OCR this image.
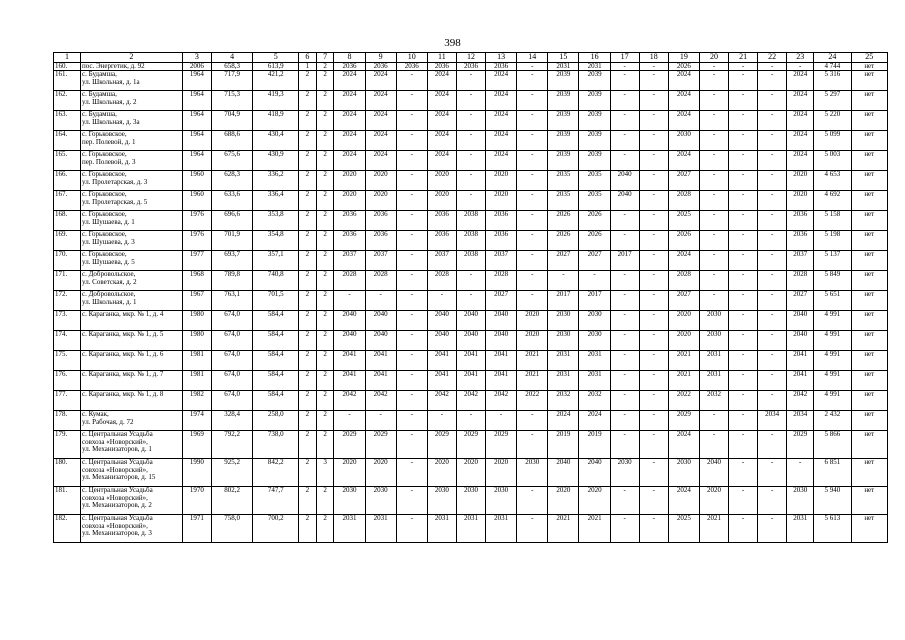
398
1	2	3	4	5	6	7	8	9	10	11	12	13	14	15	16	17	18	19	20	21	22	23	24	25
160.	пос. Энергетик, д. 92	2006	658,3	613,9	1	2	2036	2036	2036	2036	2036	2036	-	2031	2031	-	-	2026	-	-	-	-	4 744	нет
161.	с. Будамша,
ул. Школьная, д. 1а	1964	717,9	421,2	2	2	2024	2024	-	2024	-	2024	-	2039	2039	-	-	2024	-	-	-	2024	5 316	нет
162.	с. Будамша,
ул. Школьная, д. 2	1964	715,3	419,3	2	2	2024	2024	-	2024	-	2024	-	2039	2039	-	-	2024	-	-	-	2024	5 297	нет
163.	с. Будамша,
ул. Школьная, д. 3а	1964	704,9	418,9	2	2	2024	2024	-	2024	-	2024	-	2039	2039	-	-	2024	-	-	-	2024	5 220	нет
164.	с. Горьковское,
пер. Полевой, д. 1	1964	688,6	430,4	2	2	2024	2024	-	2024	-	2024	-	2039	2039	-	-	2030	-	-	-	2024	5 099	нет
165.	с. Горьковское,
пер. Полевой, д. 3	1964	675,6	430,9	2	2	2024	2024	-	2024	-	2024	-	2039	2039	-	-	2024	-	-	-	2024	5 003	нет
166.	с. Горьковское,
ул. Пролетарская, д. 3	1960	628,3	336,2	2	2	2020	2020	-	2020	-	2020	-	2035	2035	2040	-	2027	-	-	-	2020	4 653	нет
167.	с. Горьковское,
ул. Пролетарская, д. 5	1960	633,6	336,4	2	2	2020	2020	-	2020	-	2020	-	2035	2035	2040	-	2028	-	-	-	2020	4 692	нет
168.	с. Горьковское,
ул. Шушаева, д. 1	1976	696,6	353,8	2	2	2036	2036	-	2036	2038	2036	-	2026	2026	-	-	2025	-	-	-	2036	5 158	нет
169.	с. Горьковское,
ул. Шушаева, д. 3	1976	701,9	354,8	2	2	2036	2036	-	2036	2038	2036	-	2026	2026	-	-	2026	-	-	-	2036	5 198	нет
170.	с. Горьковское,
ул. Шушаева, д. 5	1977	693,7	357,1	2	2	2037	2037	-	2037	2038	2037	-	2027	2027	2017	-	2024	-	-	-	2037	5 137	нет
171.	с. Добровольское,
ул. Советская, д. 2	1968	789,8	740,8	2	2	2028	2028	-	2028	-	2028	-	-	-	-	-	2028	-	-	-	2028	5 849	нет
172.	с. Добровольское,
ул. Школьная, д. 1	1967	763,1	701,5	2	2	-	-	-	-	-	2027	-	2017	2017	-	-	2027	-	-	-	2027	5 651	нет
173.	с. Караганка, мкр. № 1, д. 4	1980	674,0	584,4	2	2	2040	2040	-	2040	2040	2040	2020	2030	2030	-	-	2020	2030	-	-	2040	4 991	нет
174.	с. Караганка, мкр. № 1, д. 5	1980	674,0	584,4	2	2	2040	2040	-	2040	2040	2040	2020	2030	2030	-	-	2020	2030	-	-	2040	4 991	нет
175.	с. Караганка, мкр. № 1, д. 6	1981	674,0	584,4	2	2	2041	2041	-	2041	2041	2041	2021	2031	2031	-	-	2021	2031	-	-	2041	4 991	нет
176.	с. Караганка, мкр. № 1, д. 7	1981	674,0	584,4	2	2	2041	2041	-	2041	2041	2041	2021	2031	2031	-	-	2021	2031	-	-	2041	4 991	нет
177.	с. Караганка, мкр. № 1, д. 8	1982	674,0	584,4	2	2	2042	2042	-	2042	2042	2042	2022	2032	2032	-	-	2022	2032	-	-	2042	4 991	нет
178.	с. Кумак,
ул. Рабочая, д. 72	1974	328,4	258,0	2	2	-	-	-	-	-	-	-	2024	2024	-	-	2029	-	-	2034	2034	2 432	нет
179.	с. Центральная Усадьба
совхоза «Новорский»,
ул. Механизаторов, д. 1	1969	792,2	738,0	2	2	2029	2029	-	2029	2029	2029	-	2019	2019	-	-	2024	-	-	-	2029	5 866	нет
180.	с. Центральная Усадьба
совхоза «Новорский»,
ул. Механизаторов, д. 15	1990	925,2	842,2	2	3	2020	2020	-	2020	2020	2020	2030	2040	2040	2030	-	2030	2040	-	-	-	6 851	нет
181.	с. Центральная Усадьба
совхоза «Новорский»,
ул. Механизаторов, д. 2	1970	802,2	747,7	2	2	2030	2030	-	2030	2030	2030	-	2020	2020	-	-	2024	2020	-	-	2030	5 940	нет
182.	с. Центральная Усадьба
совхоза «Новорский»,
ул. Механизаторов, д. 3	1971	758,0	700,2	2	2	2031	2031	-	2031	2031	2031	-	2021	2021	-	-	2025	2021	-	-	2031	5 613	нет
